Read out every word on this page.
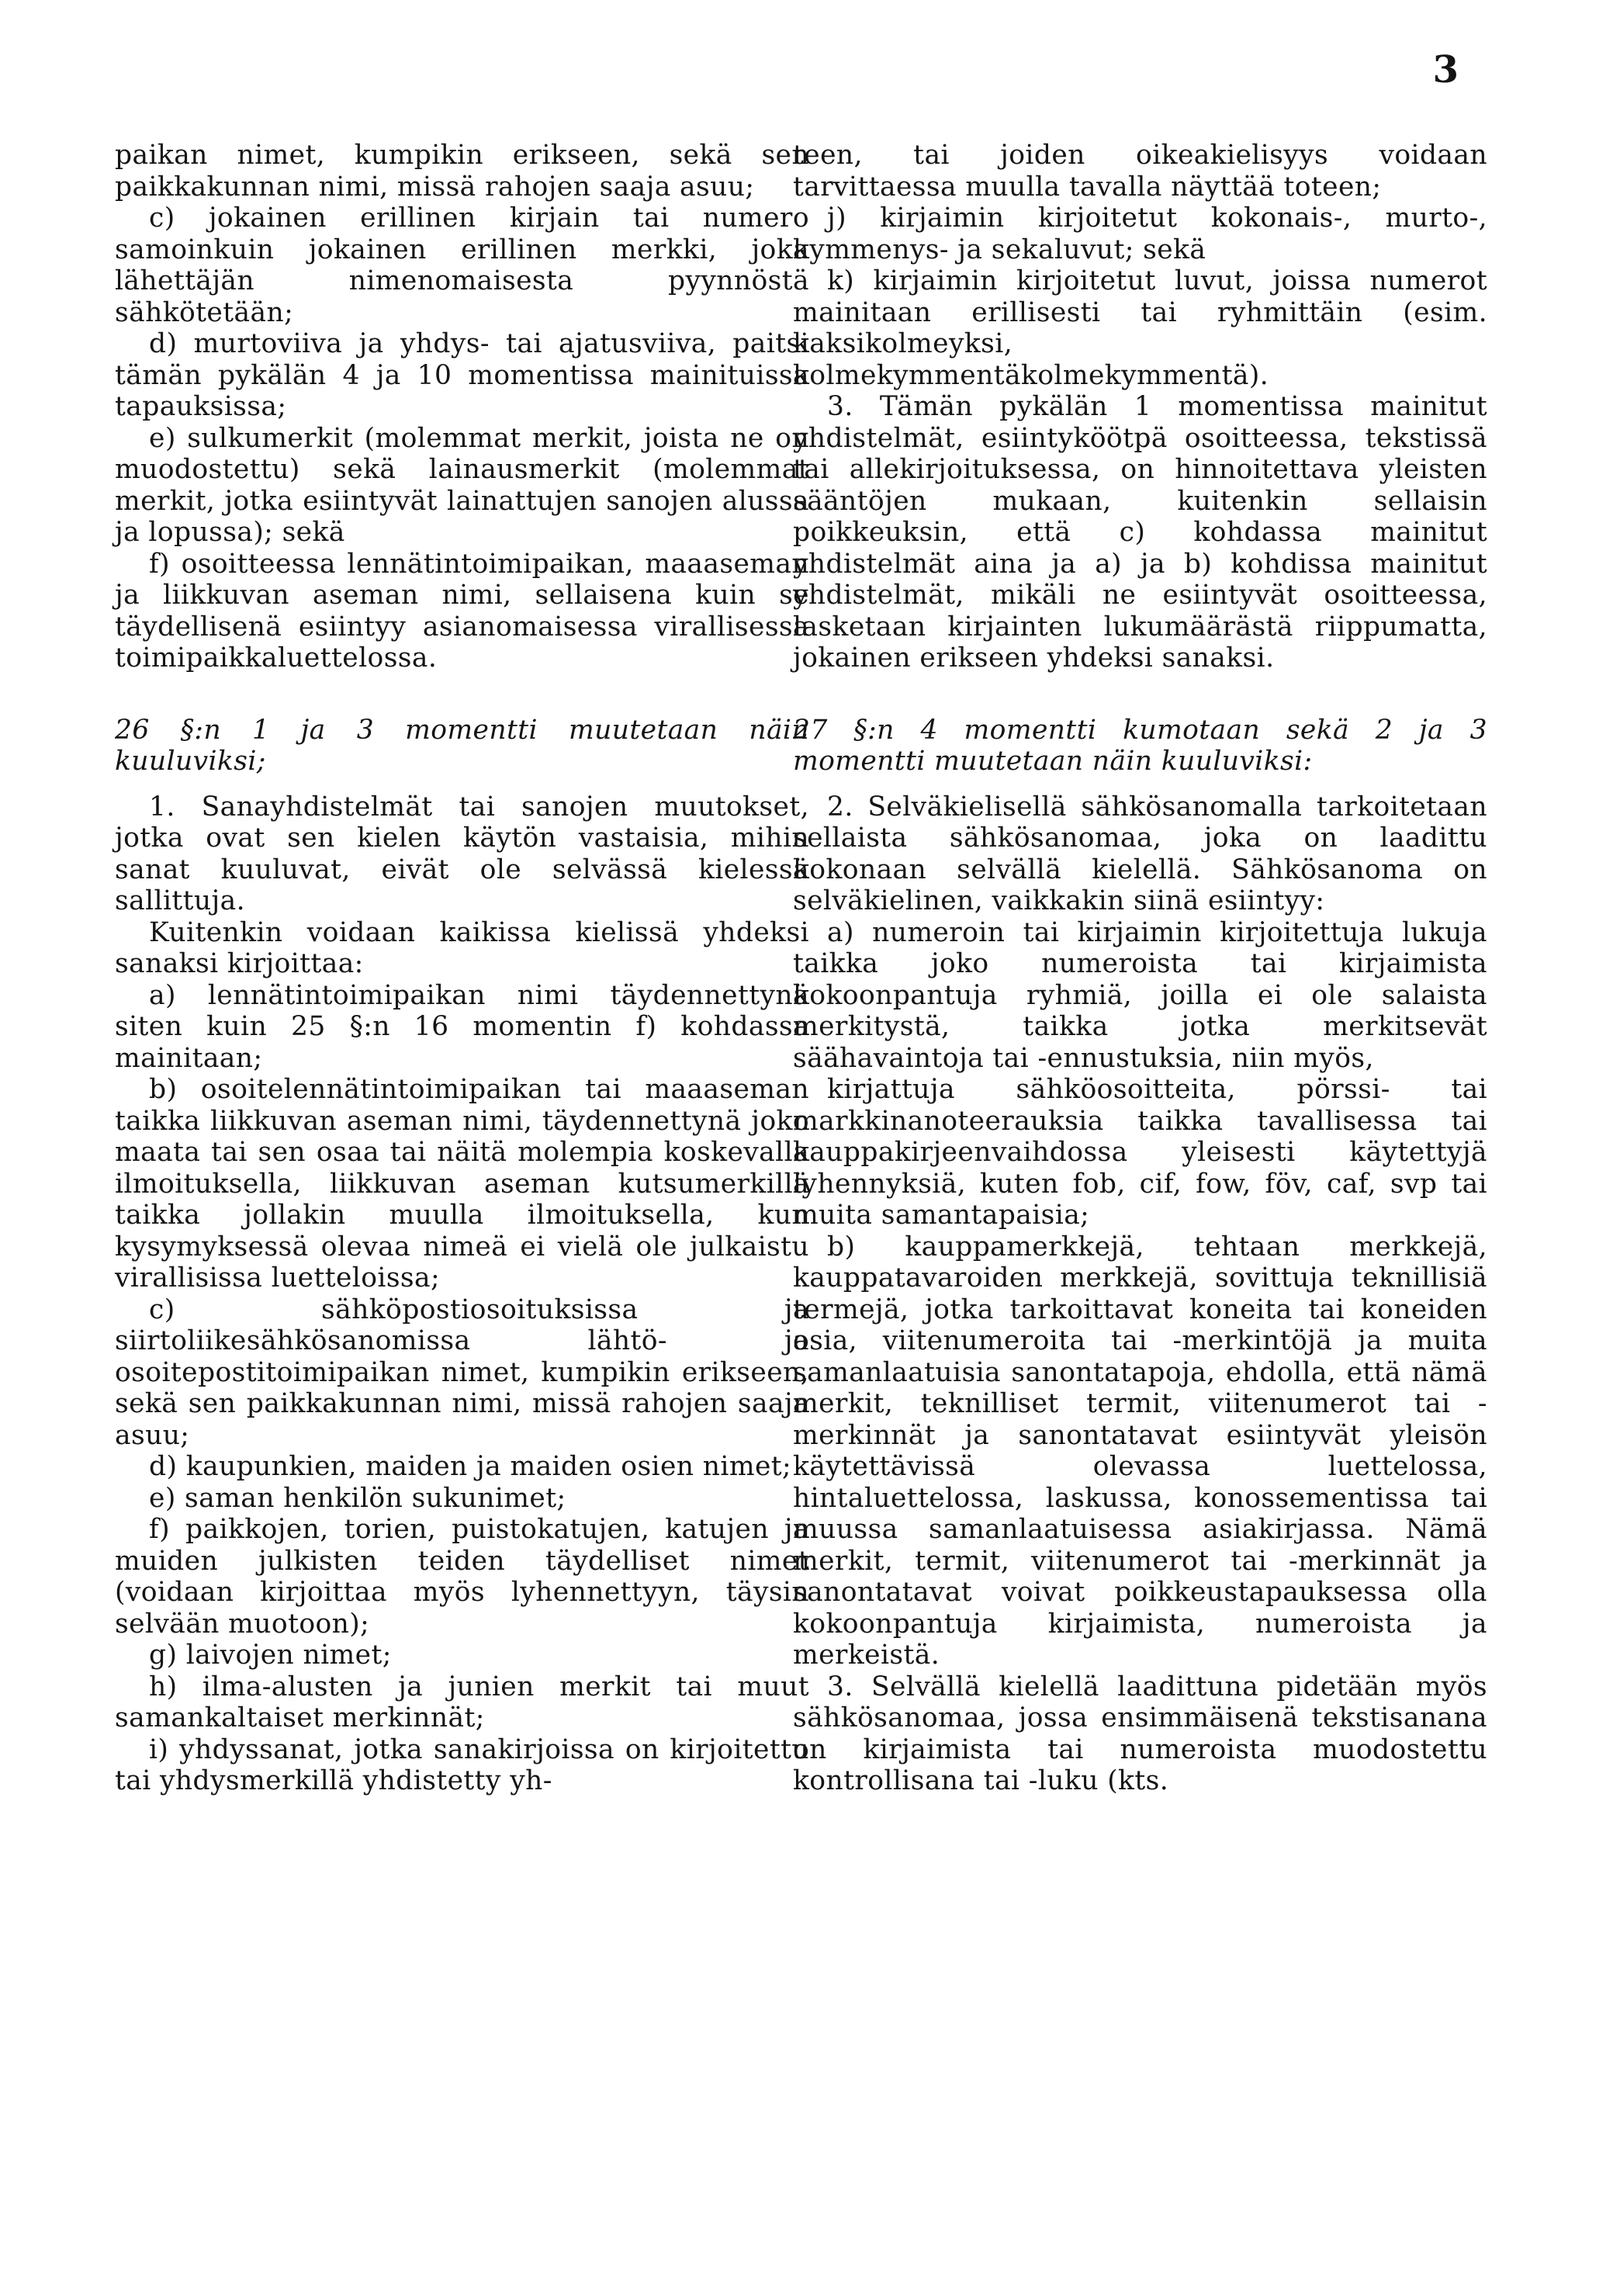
3

paikan nimet, kumpikin erikseen, sekä sen paikkakunnan nimi, missä rahojen saaja asuu;

c) jokainen erillinen kirjain tai numero samoinkuin jokainen erillinen merkki, joka lähettäjän nimenomaisesta pyynnöstä sähkötetään;

d) murtoviiva ja yhdys- tai ajatusviiva, paitsi tämän pykälän 4 ja 10 momentissa mainituissa tapauksissa;

e) sulkumerkit (molemmat merkit, joista ne on muodostettu) sekä lainausmerkit (molemmat merkit, jotka esiintyvät lainattujen sanojen alussa ja lopussa); sekä

f) osoitteessa lennätintoimipaikan, maaaseman ja liikkuvan aseman nimi, sellaisena kuin se täydellisenä esiintyy asianomaisessa virallisessa toimipaikkaluettelossa.

26 §:n 1 ja 3 momentti muutetaan näin kuuluviksi;

1. Sanayhdistelmät tai sanojen muutokset, jotka ovat sen kielen käytön vastaisia, mihin sanat kuuluvat, eivät ole selvässä kielessä sallittuja.

Kuitenkin voidaan kaikissa kielissä yhdeksi sanaksi kirjoittaa:

a) lennätintoimipaikan nimi täydennettynä siten kuin 25 §:n 16 momentin f) kohdassa mainitaan;

b) osoitelennätintoimipaikan tai maaaseman taikka liikkuvan aseman nimi, täydennettynä joko maata tai sen osaa tai näitä molempia koskevalla ilmoituksella, liikkuvan aseman kutsumerkillä taikka jollakin muulla ilmoituksella, kun kysymyksessä olevaa nimeä ei vielä ole julkaistu virallisissa luetteloissa;

c) sähköpostiosoituksissa ja siirtoliikesähkösanomissa lähtö- ja osoitepostitoimipaikan nimet, kumpikin erikseen, sekä sen paikkakunnan nimi, missä rahojen saaja asuu;

d) kaupunkien, maiden ja maiden osien nimet;

e) saman henkilön sukunimet;

f) paikkojen, torien, puistokatujen, katujen ja muiden julkisten teiden täydelliset nimet (voidaan kirjoittaa myös lyhennettyyn, täysin selvään muotoon);

g) laivojen nimet;

h) ilma-alusten ja junien merkit tai muut samankaltaiset merkinnät;

i) yhdyssanat, jotka sanakirjoissa on kirjoitettu tai yhdysmerkillä yhdistetty yh-

teen, tai joiden oikeakielisyys voidaan tarvittaessa muulla tavalla näyttää toteen;

j) kirjaimin kirjoitetut kokonais-, murto-, kymmenys- ja sekaluvut; sekä

k) kirjaimin kirjoitetut luvut, joissa numerot mainitaan erillisesti tai ryhmittäin (esim. kaksikolmeyksi, kolmekymmentäkolmekymmentä).

3. Tämän pykälän 1 momentissa mainitut yhdistelmät, esiintyköötpä osoitteessa, tekstissä tai allekirjoituksessa, on hinnoitettava yleisten sääntöjen mukaan, kuitenkin sellaisin poikkeuksin, että c) kohdassa mainitut yhdistelmät aina ja a) ja b) kohdissa mainitut yhdistelmät, mikäli ne esiintyvät osoitteessa, lasketaan kirjainten lukumäärästä riippumatta, jokainen erikseen yhdeksi sanaksi.

27 §:n 4 momentti kumotaan sekä 2 ja 3 momentti muutetaan näin kuuluviksi:

2. Selväkielisellä sähkösanomalla tarkoitetaan sellaista sähkösanomaa, joka on laadittu kokonaan selvällä kielellä. Sähkösanoma on selväkielinen, vaikkakin siinä esiintyy:

a) numeroin tai kirjaimin kirjoitettuja lukuja taikka joko numeroista tai kirjaimista kokoonpantuja ryhmiä, joilla ei ole salaista merkitystä, taikka jotka merkitsevät säähavaintoja tai -ennustuksia, niin myös,

kirjattuja sähköosoitteita, pörssi- tai markkinanoteerauksia taikka tavallisessa tai kauppakirjeenvaihdossa yleisesti käytettyjä lyhennyksiä, kuten fob, cif, fow, föv, caf, svp tai muita samantapaisia;

b) kauppamerkkejä, tehtaan merkkejä, kauppatavaroiden merkkejä, sovittuja teknillisiä termejä, jotka tarkoittavat koneita tai koneiden osia, viitenumeroita tai -merkintöjä ja muita samanlaatuisia sanontatapoja, ehdolla, että nämä merkit, teknilliset termit, viitenumerot tai -merkinnät ja sanontatavat esiintyvät yleisön käytettävissä olevassa luettelossa, hintaluettelossa, laskussa, konossementissa tai muussa samanlaatuisessa asiakirjassa. Nämä merkit, termit, viitenumerot tai -merkinnät ja sanontatavat voivat poikkeustapauksessa olla kokoonpantuja kirjaimista, numeroista ja merkeistä.

3. Selvällä kielellä laadittuna pidetään myös sähkösanomaa, jossa ensimmäisenä tekstisanana on kirjaimista tai numeroista muodostettu kontrollisana tai -luku (kts.
